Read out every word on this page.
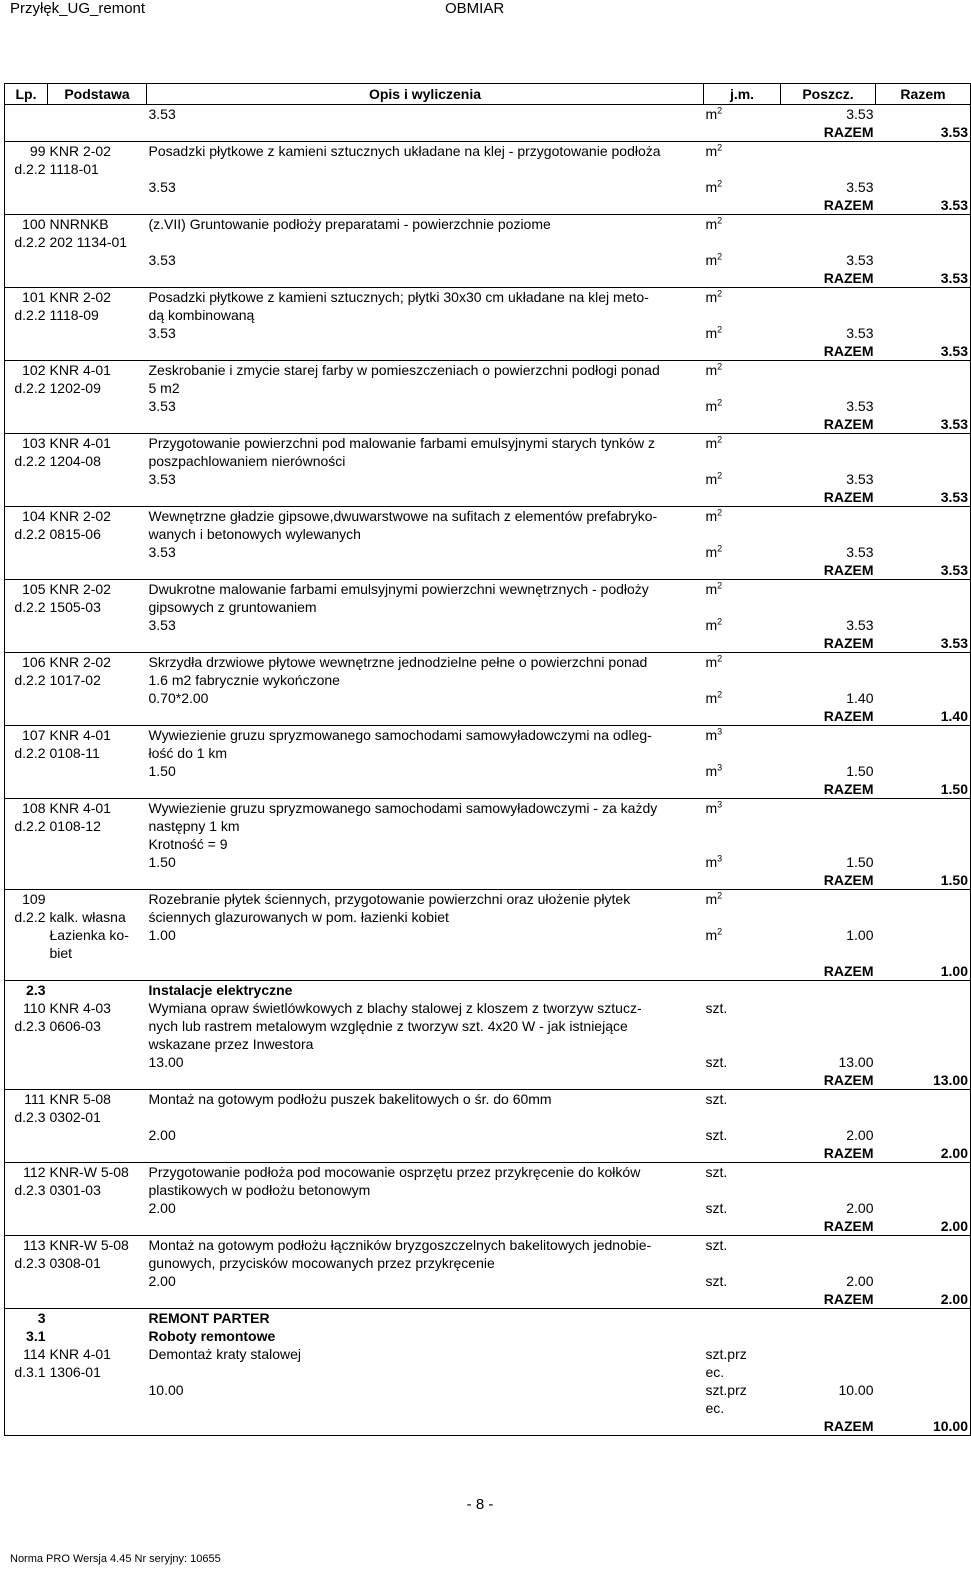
Przyłęk_UG_remont	OBMIAR
Lp.	Podstawa	Opis i wyliczenia	j.m.	Poszcz.	Razem	
		3.53	$m^2$	3.53		
RAZEM					3.53	
99	KNR 2-02	Posadzki płytkowe z kamieni sztucznych układane na klej - przygotowanie podłoża	$m^2$		
d.2.2	1118-01					
		3.53	$m^2$	3.53		
RAZEM					3.53	
100	NNRNKB	(z.VII) Gruntowanie podłoży preparatami - powierzchnie poziome	$m^2$		
d.2.2	202 1134-01					
		3.53	$m^2$	3.53		
RAZEM					3.53	
101	KNR 2-02	Posadzki płytkowe z kamieni sztucznych; płytki 30x30 cm układane na klej meto-	$m^2$		
d.2.2	1118-09	dą kombinowaną				
		3.53	$m^2$	3.53		
RAZEM					3.53	
102	KNR 4-01	Zeskrobanie i zmycie starej farby w pomieszczeniach o powierzchni podłogi ponad	$m^2$		
d.2.2	1202-09	5 m2				
		3.53	$m^2$	3.53		
RAZEM					3.53	
103	KNR 4-01	Przygotowanie powierzchni pod malowanie farbami emulsyjnymi starych tynków z	$m^2$		
d.2.2	1204-08	poszpachlowaniem nierówności				
		3.53	$m^2$	3.53		
RAZEM					3.53	
104	KNR 2-02	Wewnętrzne gładzie gipsowe,dwuwarstwowe na sufitach z elementów prefabryko-	$m^2$		
d.2.2	0815-06	wanych i betonowych wylewanych				
		3.53	$m^2$	3.53		
RAZEM					3.53	
105	KNR 2-02	Dwukrotne malowanie farbami emulsyjnymi powierzchni wewnętrznych - podłoży	$m^2$		
d.2.2	1505-03	gipsowych z gruntowaniem				
		3.53	$m^2$	3.53		
RAZEM					3.53	
106	KNR 2-02	Skrzydła drzwiowe płytowe wewnętrzne jednodzielne pełne o powierzchni ponad	$m^2$		
d.2.2	1017-02	1.6 m2 fabrycznie wykończone				
		0.70*2.00	$m^2$	1.40		
RAZEM					1.40	
107	KNR 4-01	Wywiezienie gruzu spryzmowanego samochodami samowyładowczymi na odleg-	$m^3$		
d.2.2	0108-11	łość do 1 km				
		1.50	$m^3$	1.50		
RAZEM					1.50	
108	KNR 4-01	Wywiezienie gruzu spryzmowanego samochodami samowyładowczymi - za każdy	$m^3$		
d.2.2	0108-12	następny 1 km				
		Krotność = 9				
		1.50	$m^3$	1.50		
RAZEM					1.50	
109		Rozebranie płytek ściennych, przygotowanie powierzchni oraz ułożenie płytek	$m^2$		
d.2.2	kalk. własna	ściennych glazurowanych w pom. łazienki kobiet				
	Łazienka ko-	1.00	$m^2$	1.00		
	biet					
RAZEM					1.00	
2.3		Instalacje elektryczne				
110	KNR 4-03	Wymiana opraw świetlówkowych z blachy stalowej z kloszem z tworzyw sztucz-	szt.			
d.2.3	0606-03	nych lub rastrem metalowym względnie z tworzyw szt. 4x20 W - jak istniejące				
		wskazane przez Inwestora				
		13.00	szt.	13.00		
RAZEM					13.00	
111	KNR 5-08	Montaż na gotowym podłożu puszek bakelitowych o śr. do 60mm	szt.			
d.2.3	0302-01					
		2.00	szt.	2.00		
RAZEM					2.00	
112	KNR-W 5-08	Przygotowanie podłoża pod mocowanie osprzętu przez przykręcenie do kołków	szt.			
d.2.3	0301-03	plastikowych w podłożu betonowym				
		2.00	szt.	2.00		
RAZEM					2.00	
113	KNR-W 5-08	Montaż na gotowym podłożu łączników bryzgoszczelnych bakelitowych jednobie-	szt.			
d.2.3	0308-01	gunowych, przycisków mocowanych przez przykręcenie				
		2.00	szt.	2.00		
RAZEM					2.00	
3		REMONT PARTER				
3.1		Roboty remontowe				
114	KNR 4-01	Demontaż kraty stalowej	szt.prz			
d.3.1	1306-01		ec.			
		10.00	szt.prz	10.00		
			ec.			
RAZEM					10.00	
- 8 -
Norma PRO Wersja 4.45 Nr seryjny: 10655
